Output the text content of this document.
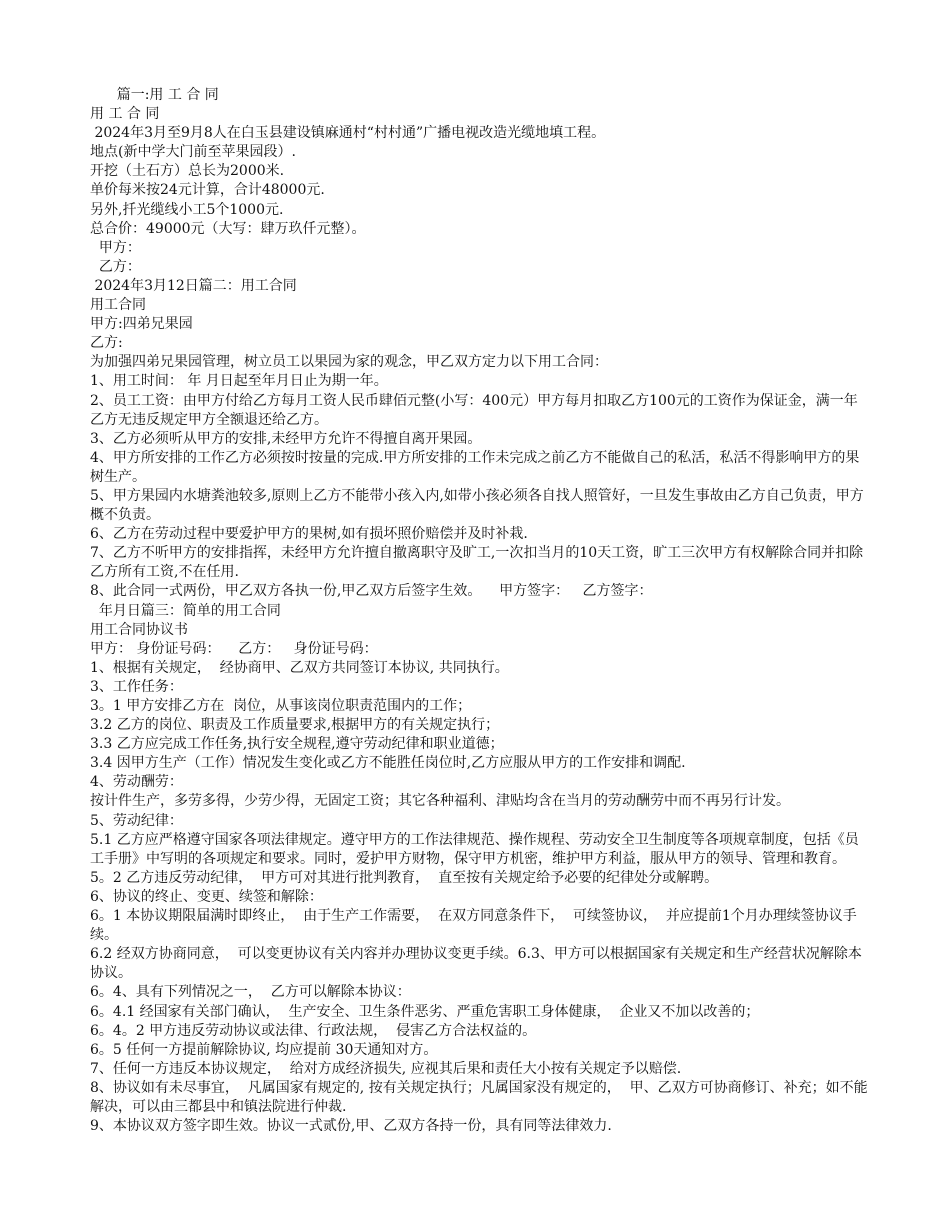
篇一:用 工 合 同
用 工 合 同
2024年3月至9月8人在白玉县建设镇麻通村“村村通”广播电视改造光缆地填工程。
地点(新中学大门前至苹果园段）.
开挖（土石方）总长为2000米.
单价每米按24元计算，合计48000元.
另外,扦光缆线小工5个1000元.
总合价：49000元（大写：肆万玖仟元整）。
甲方：
乙方：
2024年3月12日篇二：用工合同
用工合同
甲方:四弟兄果园
乙方:
为加强四弟兄果园管理，树立员工以果园为家的观念，甲乙双方定力以下用工合同：
1、用工时间： 年 月日起至年月日止为期一年。
2、员工工资：由甲方付给乙方每月工资人民币肆佰元整(小写：400元）甲方每月扣取乙方100元的工资作为保证金，满一年乙方无违反规定甲方全额退还给乙方。
3、乙方必须听从甲方的安排,未经甲方允许不得擅自离开果园。
4、甲方所安排的工作乙方必须按时按量的完成.甲方所安排的工作未完成之前乙方不能做自己的私活，私活不得影响甲方的果树生产。
5、甲方果园内水塘粪池较多,原则上乙方不能带小孩入内,如带小孩必须各自找人照管好，一旦发生事故由乙方自己负责，甲方概不负责。
6、乙方在劳动过程中要爱护甲方的果树,如有损坏照价赔偿并及时补栽.
7、乙方不听甲方的安排指挥，未经甲方允许擅自撤离职守及旷工,一次扣当月的10天工资，旷工三次甲方有权解除合同并扣除乙方所有工资,不在任用.
8、此合同一式两份，甲乙双方各执一份,甲乙双方后签字生效。    甲方签字：   乙方签字：
年月日篇三：简单的用工合同
用工合同协议书
甲方： 身份证号码：    乙方：   身份证号码：
1、根据有关规定，  经协商甲、乙双方共同签订本协议, 共同执行。
3、工作任务：
3。1 甲方安排乙方在  岗位，从事该岗位职责范围内的工作；
3.2 乙方的岗位、职责及工作质量要求,根据甲方的有关规定执行；
3.3 乙方应完成工作任务,执行安全规程,遵守劳动纪律和职业道德；
3.4 因甲方生产（工作）情况发生变化或乙方不能胜任岗位时,乙方应服从甲方的工作安排和调配.
4、劳动酬劳：
按计件生产，多劳多得，少劳少得，无固定工资；其它各种福利、津贴均含在当月的劳动酬劳中而不再另行计发。
5、劳动纪律：
5.1 乙方应严格遵守国家各项法律规定。遵守甲方的工作法律规范、操作规程、劳动安全卫生制度等各项规章制度，包括《员工手册》中写明的各项规定和要求。同时，爱护甲方财物，保守甲方机密，维护甲方利益，服从甲方的领导、管理和教育。
5。2 乙方违反劳动纪律，  甲方可对其进行批判教育，  直至按有关规定给予必要的纪律处分或解聘。
6、协议的终止、变更、续签和解除：
6。1 本协议期限届满时即终止，  由于生产工作需要，  在双方同意条件下，  可续签协议，  并应提前1个月办理续签协议手续。
6.2 经双方协商同意，  可以变更协议有关内容并办理协议变更手续。6.3、甲方可以根据国家有关规定和生产经营状况解除本协议。
6。4、具有下列情况之一，  乙方可以解除本协议：
6。4.1 经国家有关部门确认，  生产安全、卫生条件恶劣、严重危害职工身体健康，  企业又不加以改善的；
6。4。2 甲方违反劳动协议或法律、行政法规，  侵害乙方合法权益的。
6。5 任何一方提前解除协议, 均应提前 30天通知对方。
7、任何一方违反本协议规定，  给对方成经济损失, 应视其后果和责任大小按有关规定予以赔偿.
8、协议如有未尽事宜，  凡属国家有规定的, 按有关规定执行；凡属国家没有规定的，  甲、乙双方可协商修订、补充；如不能解决，可以由三都县中和镇法院进行仲裁.
9、本协议双方签字即生效。协议一式贰份,甲、乙双方各持一份，具有同等法律效力.
